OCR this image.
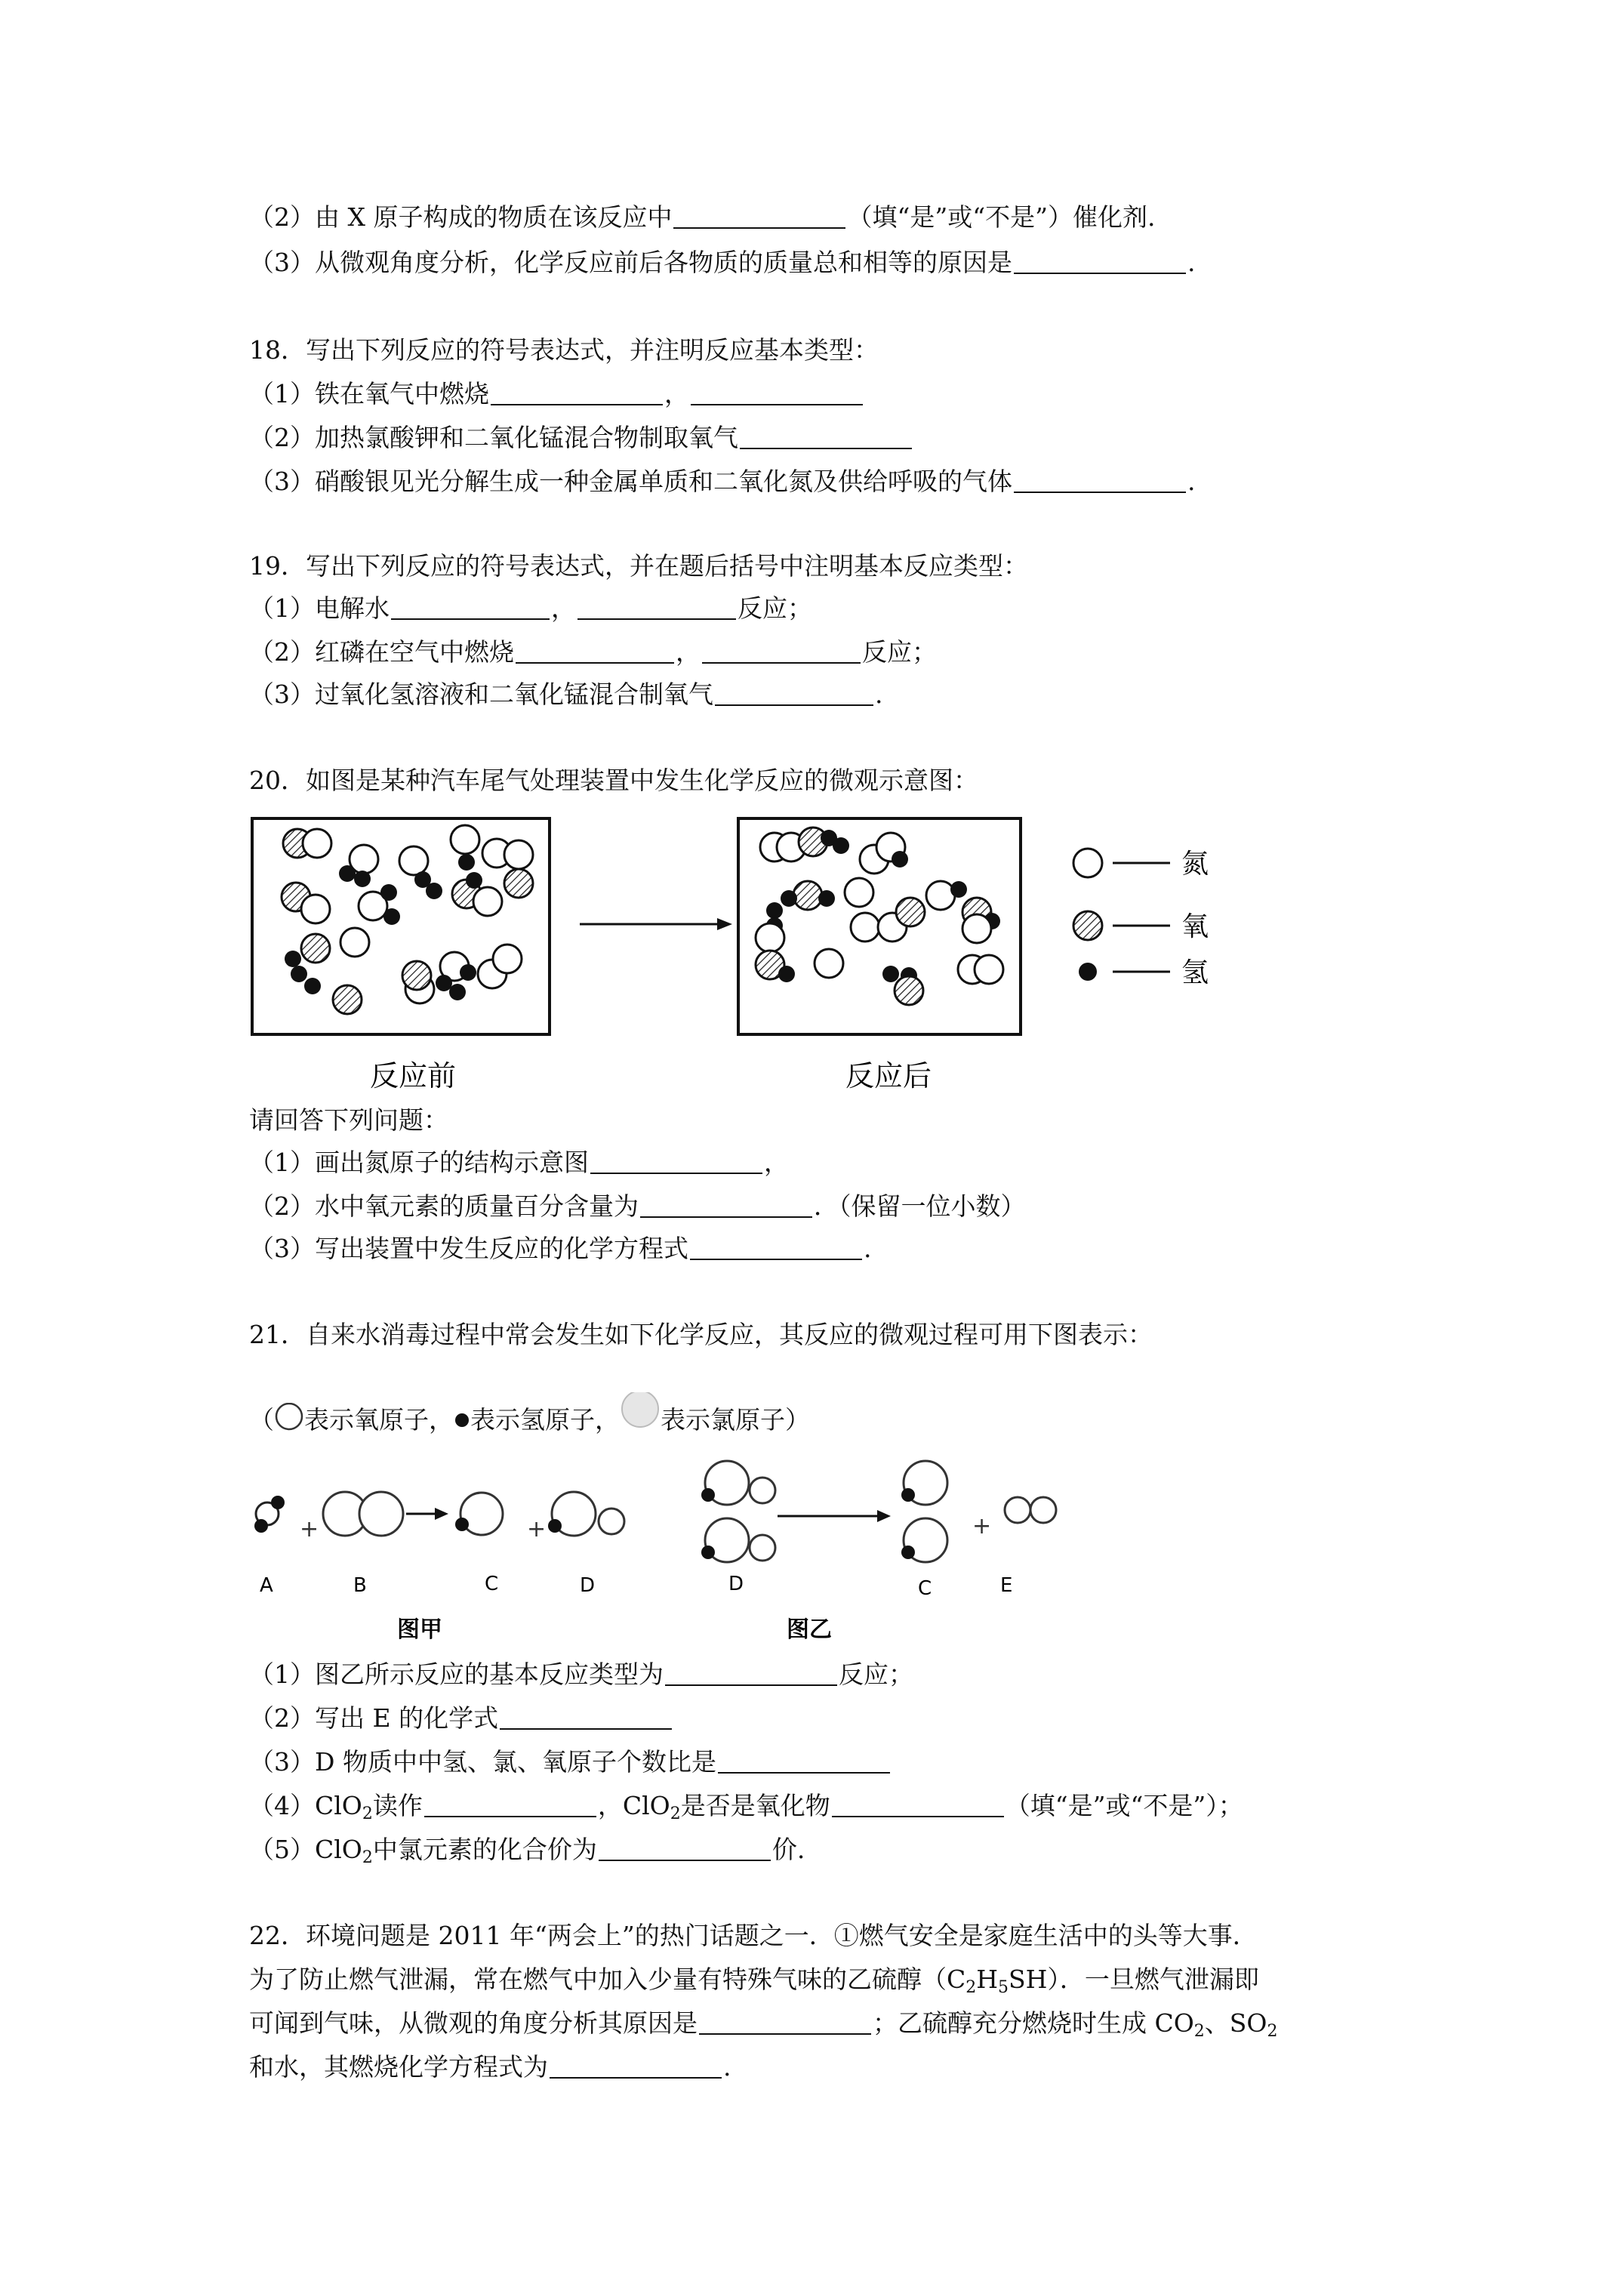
（2）由 X 原子构成的物质在该反应中	（填“是”或“不是”）催化剂.
（3）从微观角度分析，化学反应前后各物质的质量总和相等的原因是	.
18．写出下列反应的符号表达式，并注明反应基本类型：
（1）铁在氧气中燃烧	，
（2）加热氯酸钾和二氧化锰混合物制取氧气
（3）硝酸银见光分解生成一种金属单质和二氧化氮及供给呼吸的气体	.
19．写出下列反应的符号表达式，并在题后括号中注明基本反应类型：
（1）电解水	，	反应；
（2）红磷在空气中燃烧	，	反应；
（3）过氧化氢溶液和二氧化锰混合制氧气	.
20．如图是某种汽车尾气处理装置中发生化学反应的微观示意图：
氮
氧
氢
反应前	反应后
请回答下列问题：
（1）画出氮原子的结构示意图	，
（2）水中氧元素的质量百分含量为	．（保留一位小数）
（3）写出装置中发生反应的化学方程式	.
21．自来水消毒过程中常会发生如下化学反应，其反应的微观过程可用下图表示：
（ 表示氧原子， 表示氢原子， 表示氯原子）
+	+	+
A	B	C	D	D	C	E
图甲	图乙
（1）图乙所示反应的基本反应类型为	反应；
（2）写出 E 的化学式
（3）D 物质中中氢、氯、氧原子个数比是
（4）ClO$_2$读作	，ClO$_2$是否是氧化物	（填“是”或“不是”）；
（5）ClO$_2$中氯元素的化合价为	价.
22．环境问题是 2011 年“两会上”的热门话题之一．①燃气安全是家庭生活中的头等大事．
为了防止燃气泄漏，常在燃气中加入少量有特殊气味的乙硫醇$(C_2H_5SH)$．一旦燃气泄漏即
可闻到气味，从微观的角度分析其原因是	；乙硫醇充分燃烧时生成 $CO_2$、$SO_2$
和水，其燃烧化学方程式为	.
